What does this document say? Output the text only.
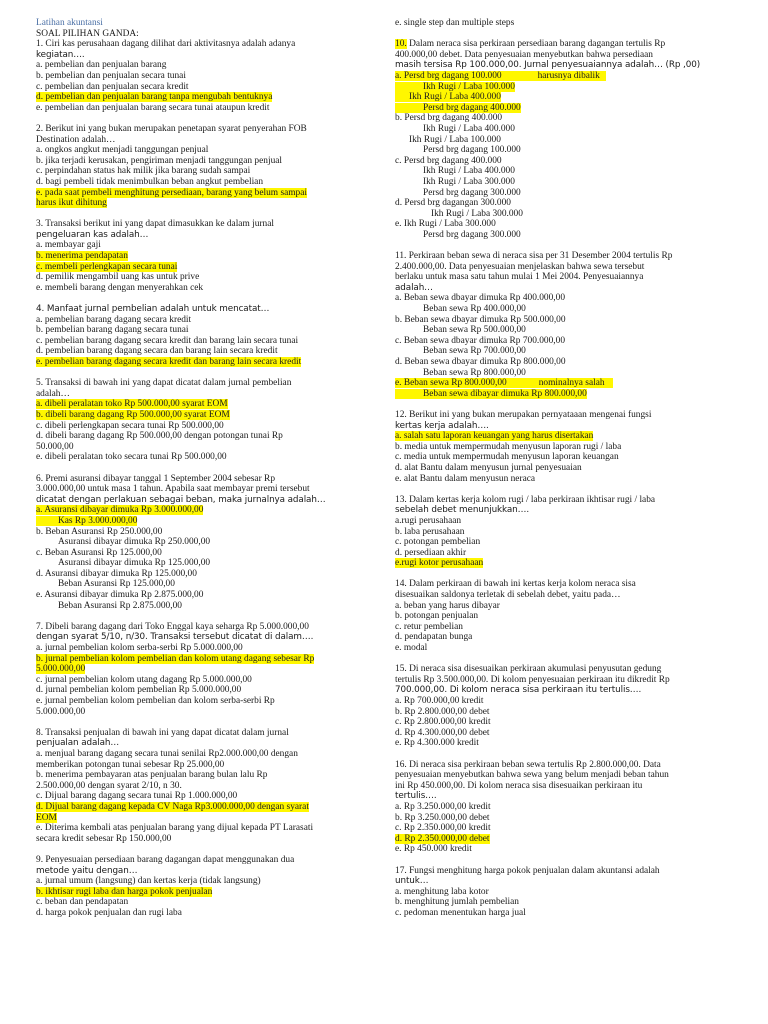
Latihan akuntansi
SOAL PILIHAN GANDA:
1. Ciri kas perusahaan dagang dilihat dari aktivitasnya adalah adanya
kegiatan….
a. pembelian dan penjualan barang
b. pembelian dan penjualan secara tunai
c. pembelian dan penjualan secara kredit
d. pembelian dan penjualan barang tanpa mengubah bentuknya
e. pembelian dan penjualan barang secara tunai ataupun kredit
2. Berikut ini yang bukan merupakan penetapan syarat penyerahan FOB
Destination adalah…
a. ongkos angkut menjadi tanggungan penjual
b. jika terjadi kerusakan, pengiriman menjadi tanggungan penjual
c. perpindahan status hak milik jika barang sudah sampai
d. bagi pembeli tidak menimbulkan beban angkut pembelian
e. pada saat pembeli menghitung persediaan, barang yang belum sampai
harus ikut dihitung
3. Transaksi berikut ini yang dapat dimasukkan ke dalam jurnal
pengeluaran kas adalah…
a. membayar gaji
b. menerima pendapatan
c. membeli perlengkapan secara tunai
d. pemilik mengambil uang kas untuk prive
e. membeli barang dengan menyerahkan cek
4. Manfaat jurnal pembelian adalah untuk mencatat…
a. pembelian barang dagang secara kredit
b. pembelian barang dagang secara tunai
c. pembelian barang dagang secara kredit dan barang lain secara tunai
d. pembelian barang dagang secara dan barang lain secara kredit
e. pembelian barang dagang secara kredit dan barang lain secara kredit
5. Transaksi di bawah ini yang dapat dicatat dalam jurnal pembelian
adalah…
a. dibeli peralatan toko Rp 500.000,00 syarat EOM
b. dibeli barang dagang Rp 500.000,00 syarat EOM
c. dibeli perlengkapan secara tunai Rp 500.000,00
d. dibeli barang dagang Rp 500.000,00 dengan potongan tunai Rp
50.000,00
e. dibeli peralatan toko secara tunai Rp 500.000,00
6. Premi asuransi dibayar tanggal 1 September 2004 sebesar Rp
3.000.000,00 untuk masa 1 tahun. Apabila saat membayar premi tersebut
dicatat dengan perlakuan sebagai beban, maka jurnalnya adalah…
a. Asuransi dibayar dimuka Rp 3.000.000,00
Kas Rp 3.000.000,00
b. Beban Asuransi Rp 250.000,00
Asuransi dibayar dimuka Rp 250.000,00
c. Beban Asuransi Rp 125.000,00
Asuransi dibayar dimuka Rp 125.000,00
d. Asuransi dibayar dimuka Rp 125.000,00
Beban Asuransi Rp 125.000,00
e. Asuransi dibayar dimuka Rp 2.875.000,00
Beban Asuransi Rp 2.875.000,00
7. Dibeli barang dagang dari Toko Enggal kaya seharga Rp 5.000.000,00
dengan syarat 5/10, n/30. Transaksi tersebut dicatat di dalam….
a. jurnal pembelian kolom serba-serbi Rp 5.000.000,00
b. jurnal pembelian kolom pembelian dan kolom utang dagang sebesar Rp
5.000.000,00
c. jurnal pembelian kolom utang dagang Rp 5.000.000,00
d. jurnal pembelian kolom pembelian Rp 5.000.000,00
e. jurnal pembelian kolom pembelian dan kolom serba-serbi Rp
5.000.000,00
8. Transaksi penjualan di bawah ini yang dapat dicatat dalam jurnal
penjualan adalah…
a. menjual barang dagang secara tunai senilai Rp2.000.000,00 dengan
memberikan potongan tunai sebesar Rp 25.000,00
b. menerima pembayaran atas penjualan barang bulan lalu Rp
2.500.000,00 dengan syarat 2/10, n 30.
c. Dijual barang dagang secara tunai Rp 1.000.000,00
d. Dijual barang dagang kepada CV Naga Rp3.000.000,00 dengan syarat
EOM
e. Diterima kembali atas penjualan barang yang dijual kepada PT Larasati
secara kredit sebesar Rp 150.000,00
9. Penyesuaian persediaan barang dagangan dapat menggunakan dua
metode yaitu dengan…
a. jurnal umum (langsung) dan kertas kerja (tidak langsung)
b. ikhtisar rugi laba dan harga pokok penjualan
c. beban dan pendapatan
d. harga pokok penjualan dan rugi laba
e. single step dan multiple steps
10. Dalam neraca sisa perkiraan persediaan barang dagangan tertulis Rp
400.000,00 debet. Data penyesuaian menyebutkan bahwa persediaan
masih tersisa Rp 100.000,00. Jurnal penyesuaiannya adalah… (Rp ,00)
a. Persd brg dagang 100.000	harusnya dibalik
Ikh Rugi / Laba 100.000
Ikh Rugi / Laba 400.000
Persd brg dagang 400.000
b. Persd brg dagang 400.000
Ikh Rugi / Laba 400.000
Ikh Rugi / Laba 100.000
Persd brg dagang 100.000
c. Persd brg dagang 400.000
Ikh Rugi / Laba 400.000
Ikh Rugi / Laba 300.000
Persd brg dagang 300.000
d. Persd brg dagangan 300.000
Ikh Rugi / Laba 300.000
e. Ikh Rugi / Laba 300.000
Persd brg dagang 300.000
11. Perkiraan beban sewa di neraca sisa per 31 Desember 2004 tertulis Rp
2.400.000,00. Data penyesuaian menjelaskan bahwa sewa tersebut
berlaku untuk masa satu tahun mulai 1 Mei 2004. Penyesuaiannya
adalah…
a. Beban sewa dbayar dimuka Rp 400.000,00
Beban sewa Rp 400.000,00
b. Beban sewa dbayar dimuka Rp 500.000,00
Beban sewa Rp 500.000,00
c. Beban sewa dbayar dimuka Rp 700.000,00
Beban sewa Rp 700.000,00
d. Beban sewa dbayar dimuka Rp 800.000,00
Beban sewa Rp 800.000,00
e. Beban sewa Rp 800.000,00	nominalnya salah
Beban sewa dibayar dimuka Rp 800.000,00
12. Berikut ini yang bukan merupakan pernyataaan mengenai fungsi
kertas kerja adalah….
a. salah satu laporan keuangan yang harus disertakan
b. media untuk mempermudah menyusun laporan rugi / laba
c. media untuk mempermudah menyusun laporan keuangan
d. alat Bantu dalam menyusun jurnal penyesuaian
e. alat Bantu dalam menyusun neraca
13. Dalam kertas kerja kolom rugi / laba perkiraan ikhtisar rugi / laba
sebelah debet menunjukkan….
a.rugi perusahaan
b. laba perusahaan
c. potongan pembelian
d. persediaan akhir
e.rugi kotor perusahaan
14. Dalam perkiraan di bawah ini kertas kerja kolom neraca sisa
disesuaikan saldonya terletak di sebelah debet, yaitu pada…
a. beban yang harus dibayar
b. potongan penjualan
c. retur pembelian
d. pendapatan bunga
e. modal
15. Di neraca sisa disesuaikan perkiraan akumulasi penyusutan gedung
tertulis Rp 3.500.000,00. Di kolom penyesuaian perkiraan itu dikredit Rp
700.000,00. Di kolom neraca sisa perkiraan itu tertulis….
a. Rp 700.000,00 kredit
b. Rp 2.800.000,00 debet
c. Rp 2.800.000,00 kredit
d. Rp 4.300.000,00 debet
e. Rp 4.300.000 kredit
16. Di neraca sisa perkiraan beban sewa tertulis Rp 2.800.000,00. Data
penyesuaian menyebutkan bahwa sewa yang belum menjadi beban tahun
ini Rp 450.000,00. Di kolom neraca sisa disesuaikan perkiraan itu
tertulis….
a. Rp 3.250.000,00 kredit
b. Rp 3.250.000,00 debet
c. Rp 2.350.000,00 kredit
d. Rp 2.350.000,00 debet
e. Rp 450.000 kredit
17. Fungsi menghitung harga pokok penjualan dalam akuntansi adalah
untuk…
a. menghitung laba kotor
b. menghitung jumlah pembelian
c. pedoman menentukan harga jual
